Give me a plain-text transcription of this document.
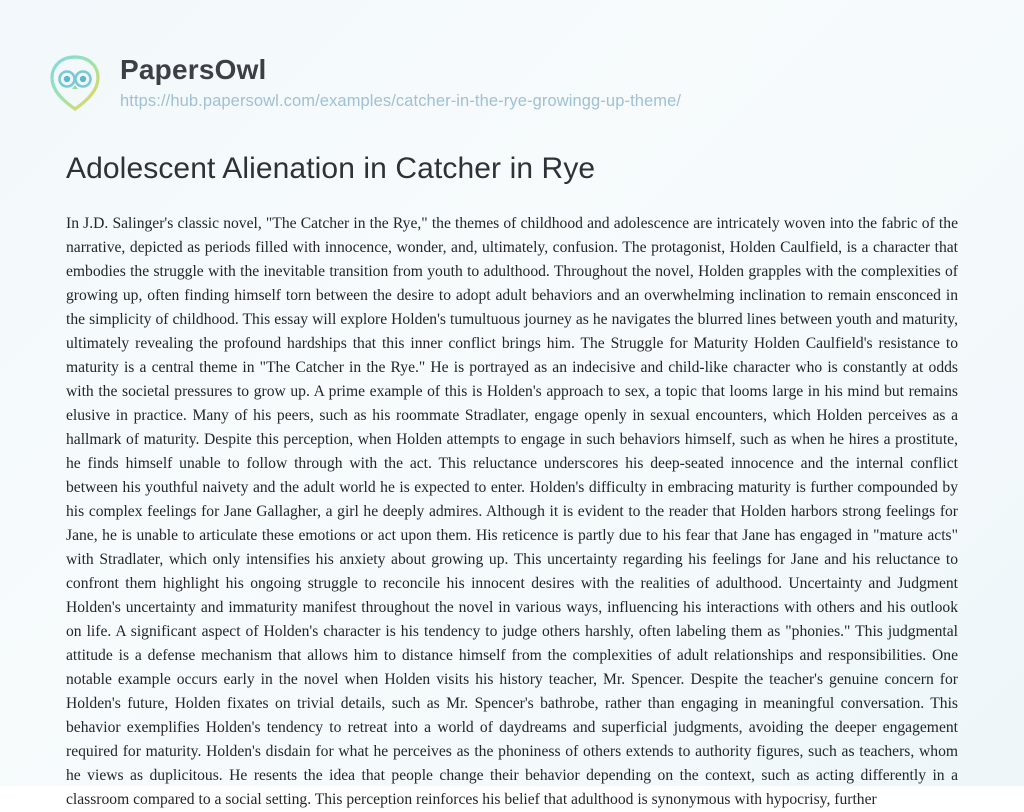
PapersOwl
https://hub.papersowl.com/examples/catcher-in-the-rye-growingg-up-theme/
Adolescent Alienation in Catcher in Rye

In J.D. Salinger's classic novel, "The Catcher in the Rye," the themes of childhood and adolescence are intricately woven into the fabric of the narrative, depicted as periods filled with innocence, wonder, and, ultimately, confusion. The protagonist, Holden Caulfield, is a character that embodies the struggle with the inevitable transition from youth to adulthood. Throughout the novel, Holden grapples with the complexities of growing up, often finding himself torn between the desire to adopt adult behaviors and an overwhelming inclination to remain ensconced in the simplicity of childhood. This essay will explore Holden's tumultuous journey as he navigates the blurred lines between youth and maturity, ultimately revealing the profound hardships that this inner conflict brings him. The Struggle for Maturity Holden Caulfield's resistance to maturity is a central theme in "The Catcher in the Rye." He is portrayed as an indecisive and child-like character who is constantly at odds with the societal pressures to grow up. A prime example of this is Holden's approach to sex, a topic that looms large in his mind but remains elusive in practice. Many of his peers, such as his roommate Stradlater, engage openly in sexual encounters, which Holden perceives as a hallmark of maturity. Despite this perception, when Holden attempts to engage in such behaviors himself, such as when he hires a prostitute, he finds himself unable to follow through with the act. This reluctance underscores his deep-seated innocence and the internal conflict between his youthful naivety and the adult world he is expected to enter. Holden's difficulty in embracing maturity is further compounded by his complex feelings for Jane Gallagher, a girl he deeply admires. Although it is evident to the reader that Holden harbors strong feelings for Jane, he is unable to articulate these emotions or act upon them. His reticence is partly due to his fear that Jane has engaged in "mature acts" with Stradlater, which only intensifies his anxiety about growing up. This uncertainty regarding his feelings for Jane and his reluctance to confront them highlight his ongoing struggle to reconcile his innocent desires with the realities of adulthood. Uncertainty and Judgment Holden's uncertainty and immaturity manifest throughout the novel in various ways, influencing his interactions with others and his outlook on life. A significant aspect of Holden's character is his tendency to judge others harshly, often labeling them as "phonies." This judgmental attitude is a defense mechanism that allows him to distance himself from the complexities of adult relationships and responsibilities. One notable example occurs early in the novel when Holden visits his history teacher, Mr. Spencer. Despite the teacher's genuine concern for Holden's future, Holden fixates on trivial details, such as Mr. Spencer's bathrobe, rather than engaging in meaningful conversation. This behavior exemplifies Holden's tendency to retreat into a world of daydreams and superficial judgments, avoiding the deeper engagement required for maturity. Holden's disdain for what he perceives as the phoniness of others extends to authority figures, such as teachers, whom he views as duplicitous. He resents the idea that people change their behavior depending on the context, such as acting differently in a classroom compared to a social setting. This perception reinforces his belief that adulthood is synonymous with hypocrisy, further
